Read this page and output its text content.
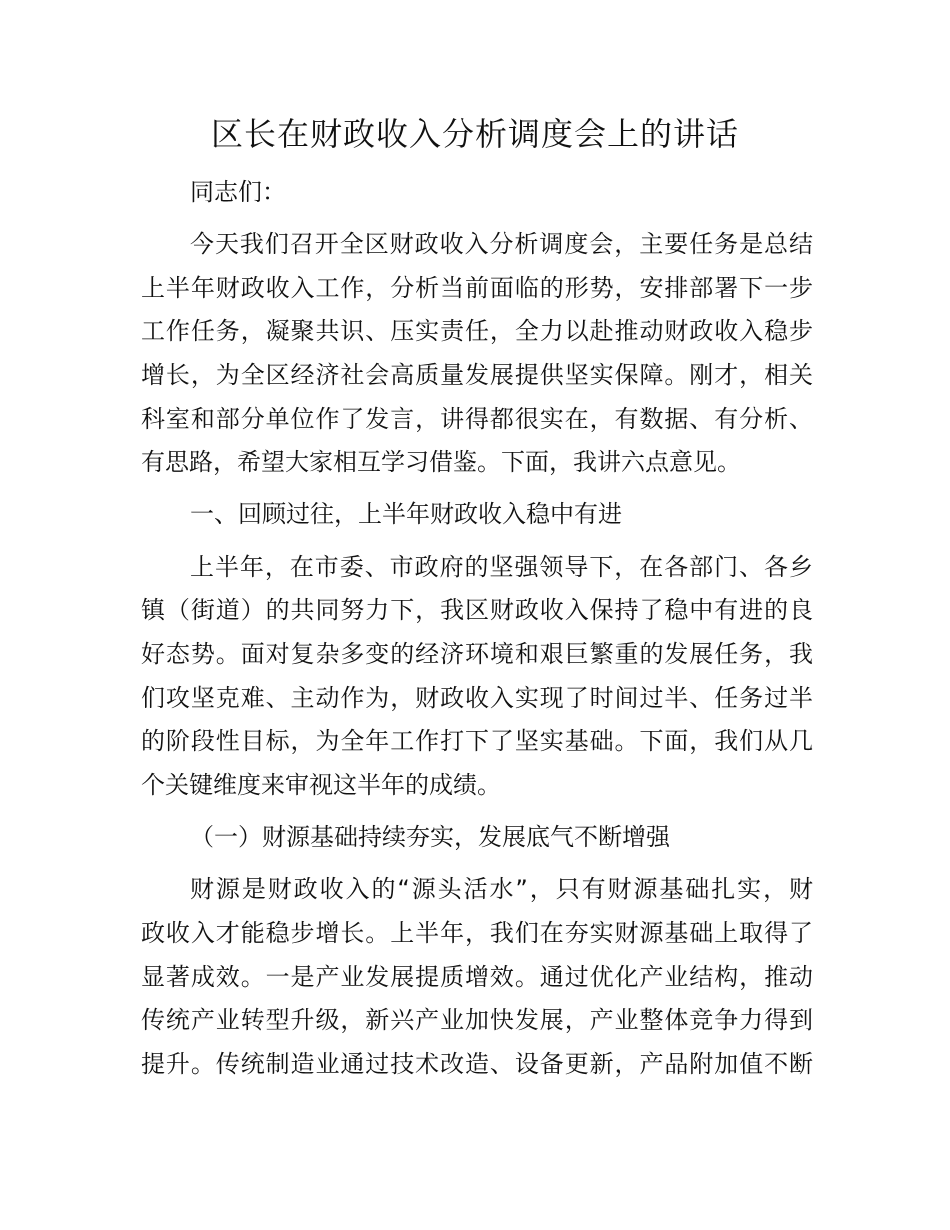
区长在财政收入分析调度会上的讲话

同志们：

今天我们召开全区财政收入分析调度会，主要任务是总结

上半年财政收入工作，分析当前面临的形势，安排部署下一步

工作任务，凝聚共识、压实责任，全力以赴推动财政收入稳步

增长，为全区经济社会高质量发展提供坚实保障。刚才，相关

科室和部分单位作了发言，讲得都很实在，有数据、有分析、

有思路，希望大家相互学习借鉴。下面，我讲六点意见。

一、回顾过往，上半年财政收入稳中有进

上半年，在市委、市政府的坚强领导下，在各部门、各乡

镇（街道）的共同努力下，我区财政收入保持了稳中有进的良

好态势。面对复杂多变的经济环境和艰巨繁重的发展任务，我

们攻坚克难、主动作为，财政收入实现了时间过半、任务过半

的阶段性目标，为全年工作打下了坚实基础。下面，我们从几

个关键维度来审视这半年的成绩。

（一）财源基础持续夯实，发展底气不断增强

财源是财政收入的“源头活水”，只有财源基础扎实，财

政收入才能稳步增长。上半年，我们在夯实财源基础上取得了

显著成效。一是产业发展提质增效。通过优化产业结构，推动

传统产业转型升级，新兴产业加快发展，产业整体竞争力得到

提升。传统制造业通过技术改造、设备更新，产品附加值不断
